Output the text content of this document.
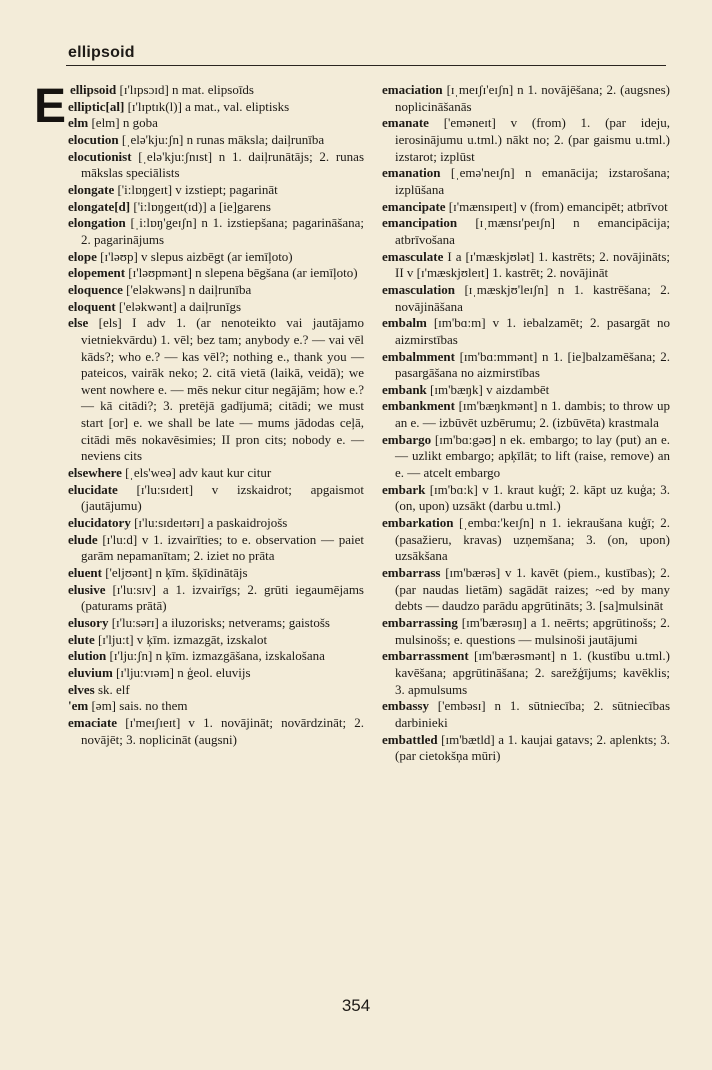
ellipsoid
E ellipsoid [ɪ'lɪpsɔɪd] n mat. elipsoīds

elliptic[al] [ɪ'lɪptɪk(l)] a mat., val. eliptisks

elm [elm] n goba

elocution [ˌelə'kju:ʃn] n runas māksla; daiļrunība

elocutionist [ˌelə'kju:ʃnɪst] n 1. daiļrunātājs; 2. runas mākslas speciālists

elongate ['i:lɒŋgeɪt] v izstiept; pagarināt

elongate[d] ['i:lɒŋgeɪt(ɪd)] a [ie]garens

elongation [ˌi:lɒŋ'geɪʃn] n 1. izstiepšana; pagarināšana; 2. pagarinājums

elope [ɪ'ləʊp] v slepus aizbēgt (ar iemīļoto)

elopement [ɪ'ləʊpmənt] n slepena bēgšana (ar iemīļoto)

eloquence ['eləkwəns] n daiļrunība

eloquent ['eləkwənt] a daiļrunīgs

else [els] I adv 1. (ar nenoteikto vai jautājamo vietniekvārdu) 1. vēl; bez tam; anybody e.? — vai vēl kāds?; who e.? — kas vēl?; nothing e., thank you — pateicos, vairāk neko; 2. citā vietā (laikā, veidā); we went nowhere e. — mēs nekur citur negājām; how e.? — kā citādi?; 3. pretējā gadījumā; citādi; we must start [or] e. we shall be late — mums jādodas ceļā, citādi mēs nokavēsimies; II pron cits; nobody e. — neviens cits

elsewhere [ˌels'weə] adv kaut kur citur

elucidate [ɪ'lu:sɪdeɪt] v izskaidrot; apgaismot (jautājumu)

elucidatory [ɪ'lu:sɪdeɪtərɪ] a paskaidrojošs

elude [ɪ'lu:d] v 1. izvairīties; to e. observation — paiet garām nepamanītam; 2. iziet no prāta

eluent ['eljʊənt] n ķīm. šķīdinātājs

elusive [ɪ'lu:sɪv] a 1. izvairīgs; 2. grūti iegaumējams (paturams prātā)

elusory [ɪ'lu:sərɪ] a iluzorisks; netverams; gaistošs

elute [ɪ'lju:t] v ķīm. izmazgāt, izskalot

elution [ɪ'lju:ʃn] n ķīm. izmazgāšana, izskalošana

eluvium [ɪ'lju:vɪəm] n ģeol. eluvijs

elves sk. elf

'em [əm] sais. no them

emaciate [ɪ'meɪʃɪeɪt] v 1. novājināt; novārdzināt; 2. novājēt; 3. noplicināt (augsni)

emaciation [ɪˌmeɪʃɪ'eɪʃn] n 1. novājēšana; 2. (augsnes) noplicināšanās

emanate ['eməneɪt] v (from) 1. (par ideju, ierosinājumu u.tml.) nākt no; 2. (par gaismu u.tml.) izstarot; izplūst

emanation [ˌemə'neɪʃn] n emanācija; izstarošana; izplūšana

emancipate [ɪ'mænsɪpeɪt] v (from) emancipēt; atbrīvot

emancipation [ɪˌmænsɪ'peɪʃn] n emancipācija; atbrīvošana

emasculate I a [ɪ'mæskjʊlət] 1. kastrēts; 2. novājināts; II v [ɪ'mæskjʊleɪt] 1. kastrēt; 2. novājināt

emasculation [ɪˌmæskjʊ'leɪʃn] n 1. kastrēšana; 2. novājināšana

embalm [ɪm'bɑ:m] v 1. iebalzamēt; 2. pasargāt no aizmirstības

embalmment [ɪm'bɑ:mmənt] n 1. [ie]balzamēšana; 2. pasargāšana no aizmirstības

embank [ɪm'bæŋk] v aizdambēt

embankment [ɪm'bæŋkmənt] n 1. dambis; to throw up an e. — izbūvēt uzbērumu; 2. (izbūvēta) krastmala

embargo [ɪm'bɑ:gəʊ] n ek. embargo; to lay (put) an e. — uzlikt embargo; apķīlāt; to lift (raise, remove) an e. — atcelt embargo

embark [ɪm'bɑ:k] v 1. kraut kuģī; 2. kāpt uz kuģa; 3. (on, upon) uzsākt (darbu u.tml.)

embarkation [ˌembɑ:'keɪʃn] n 1. iekraušana kuģī; 2. (pasažieru, kravas) uzņemšana; 3. (on, upon) uzsākšana

embarrass [ɪm'bærəs] v 1. kavēt (piem., kustības); 2. (par naudas lietām) sagādāt raizes; ~ed by many debts — daudzo parādu apgrūtināts; 3. [sa]mulsināt

embarrassing [ɪm'bærəsɪŋ] a 1. neērts; apgrūtinošs; 2. mulsinošs; e. questions — mulsinoši jautājumi

embarrassment [ɪm'bærəsmənt] n 1. (kustību u.tml.) kavēšana; apgrūtināšana; 2. sarežģījums; kavēklis; 3. apmulsums

embassy ['embəsɪ] n 1. sūtniecība; 2. sūtniecības darbinieki

embattled [ɪm'bætld] a 1. kaujai gatavs; 2. aplenkts; 3. (par cietokšņa mūri)

354
